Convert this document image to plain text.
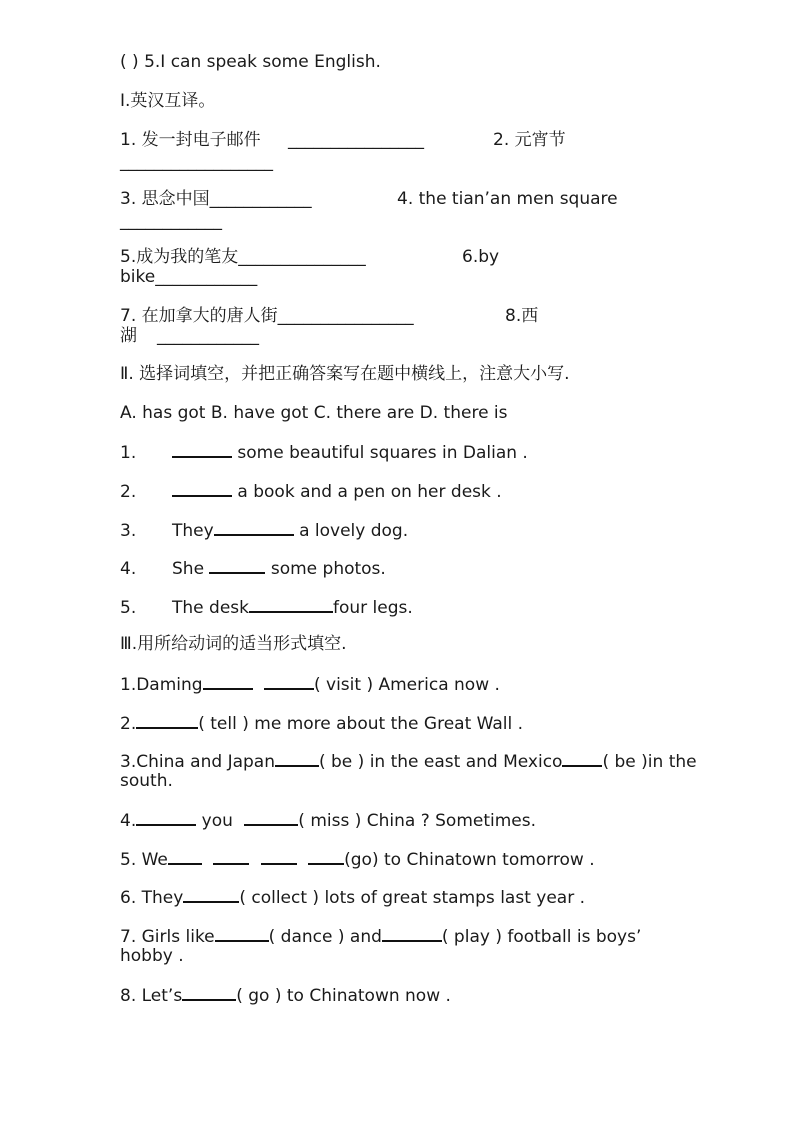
( ) 5.I can speak some English.
Ⅰ.英汉互译。
1. 发一封电子邮件 ________________	2. 元宵节
__________________
3. 思念中国____________	4. the tian’an men square
____________
5.成为我的笔友_______________	6.by
bike____________
7. 在加拿大的唐人街________________	8.西
湖 ____________
Ⅱ. 选择词填空，并把正确答案写在题中横线上，注意大小写.
A. has got B. have got C. there are D. there is
1.	some beautiful squares in Dalian .
2.	a book and a pen on her desk .
3. They	a lovely dog.
4. She	some photos.
5. The desk	four legs.
Ⅲ.用所给动词的适当形式填空.
1.Daming	( visit ) America now .
2.	( tell ) me more about the Great Wall .
3.China and Japan	( be ) in the east and Mexico ( be )in the
south.
4.	you	( miss ) China ? Sometimes.
5. We	(go) to Chinatown tomorrow .
6. They	( collect ) lots of great stamps last year .
7. Girls like	( dance ) and	( play ) football is boys’
hobby .
8. Let’s	( go ) to Chinatown now .
